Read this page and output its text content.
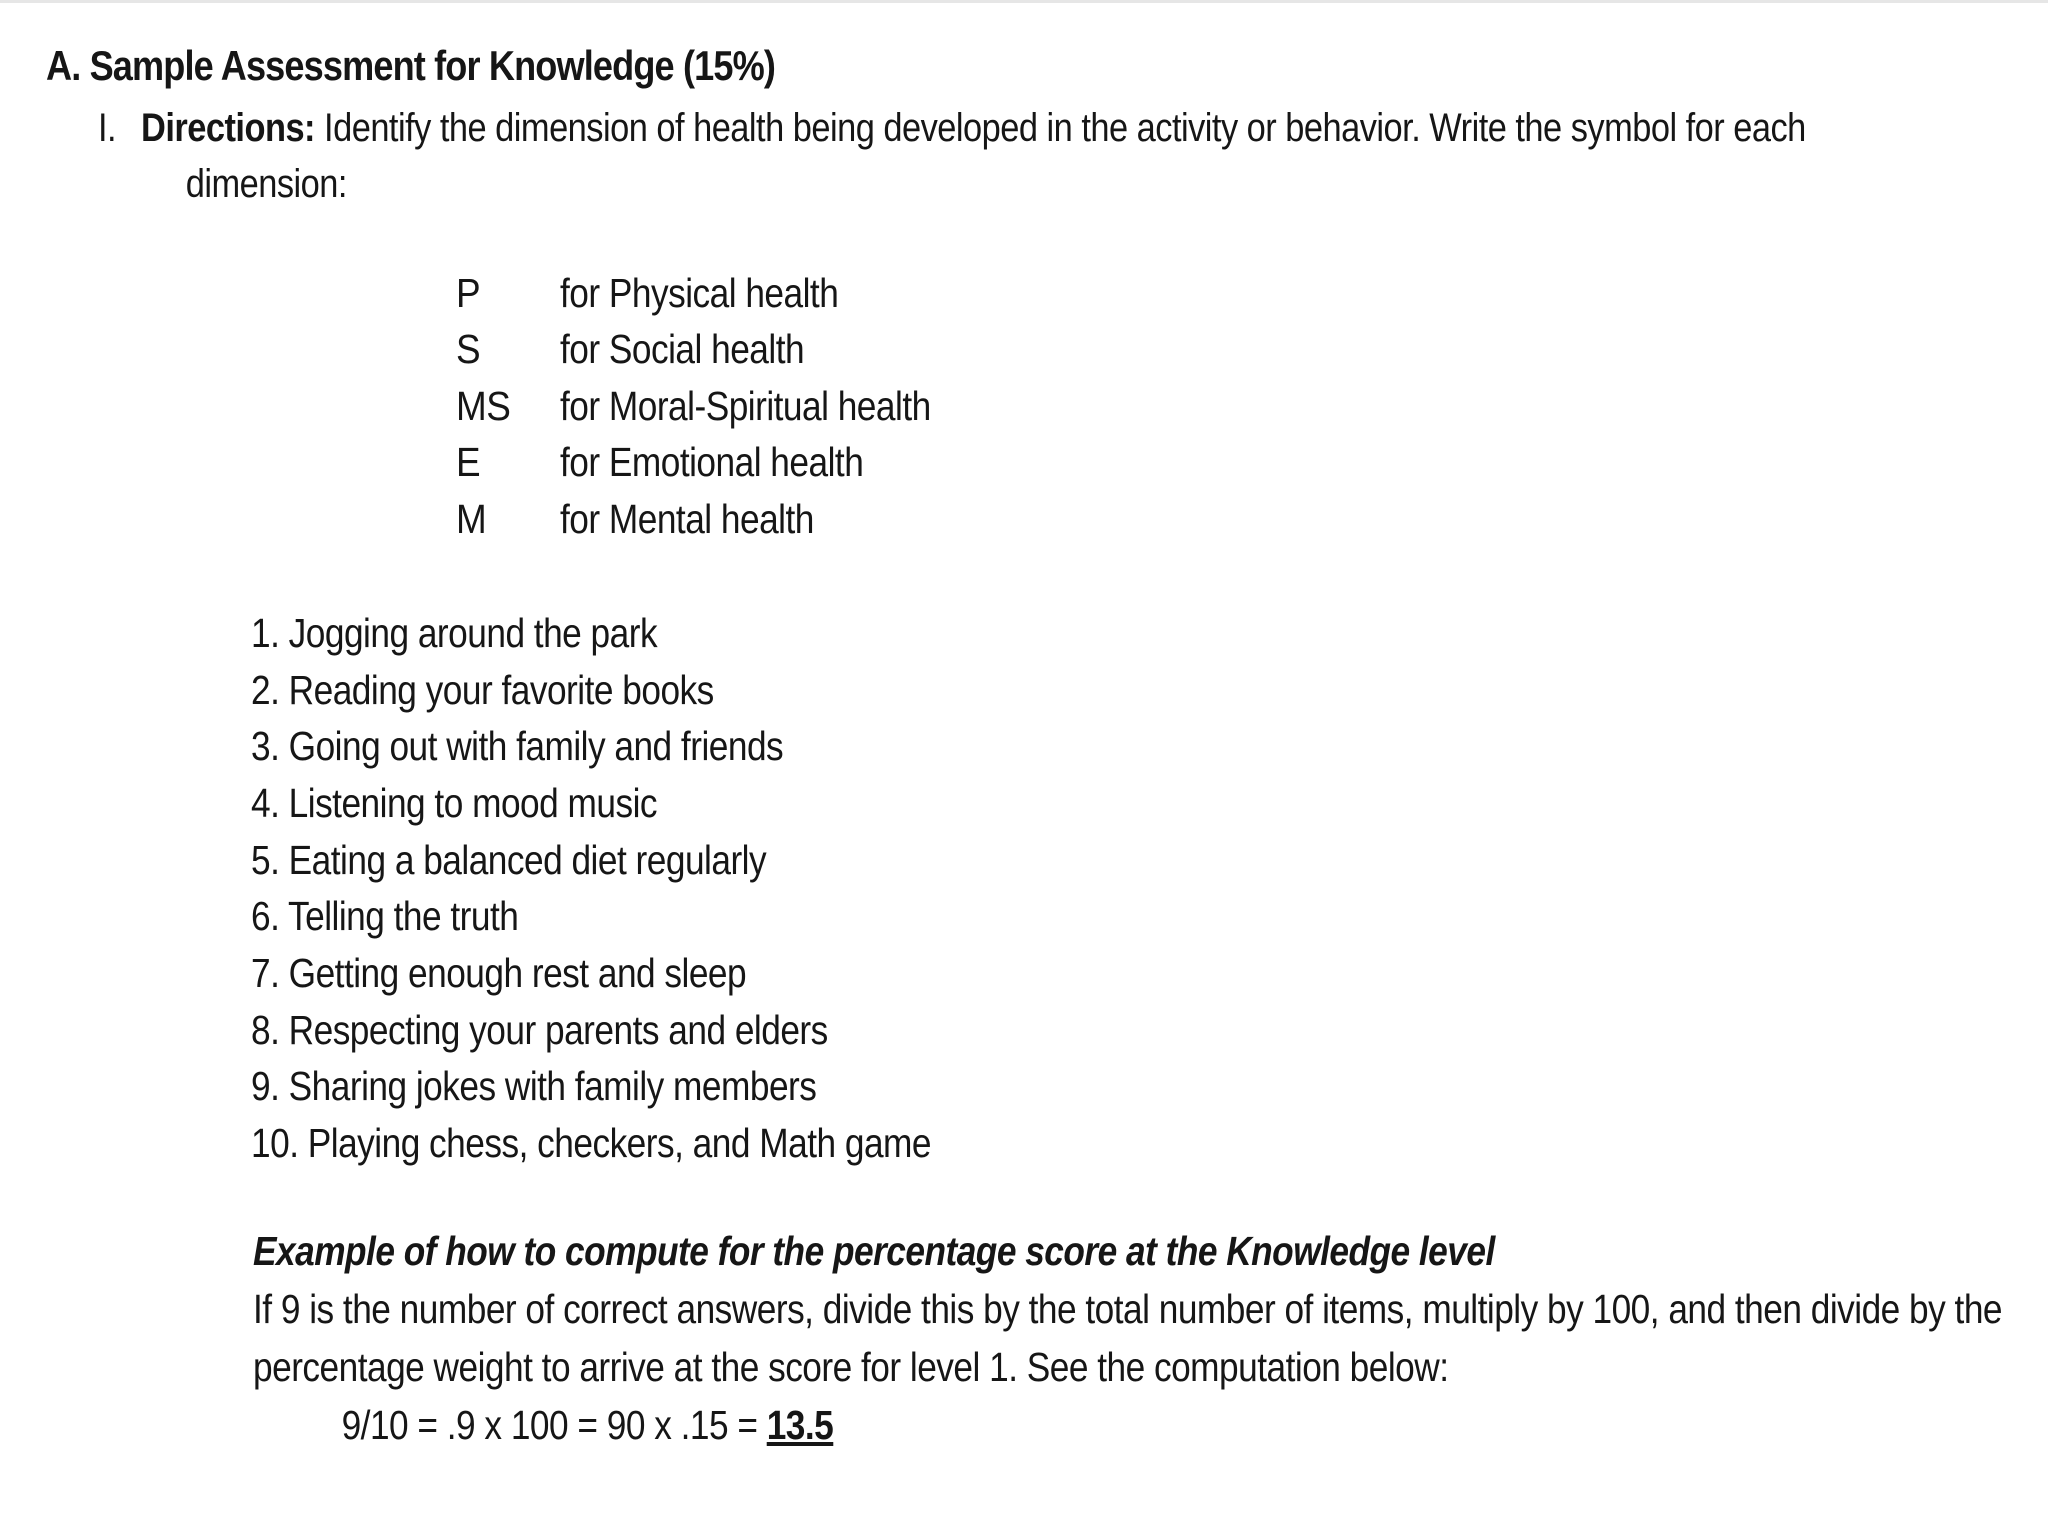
A. Sample Assessment for Knowledge (15%)
I. Directions: Identify the dimension of health being developed in the activity or behavior. Write the symbol for each
dimension:
P	for Physical health
S	for Social health
MS	for Moral-Spiritual health
E	for Emotional health
M	for Mental health
1. Jogging around the park
2. Reading your favorite books
3. Going out with family and friends
4. Listening to mood music
5. Eating a balanced diet regularly
6. Telling the truth
7. Getting enough rest and sleep
8. Respecting your parents and elders
9. Sharing jokes with family members
10. Playing chess, checkers, and Math game
Example of how to compute for the percentage score at the Knowledge level
If 9 is the number of correct answers, divide this by the total number of items, multiply by 100, and then divide by the
percentage weight to arrive at the score for level 1. See the computation below:
9/10 = .9 x 100 = 90 x .15 = 13.5
